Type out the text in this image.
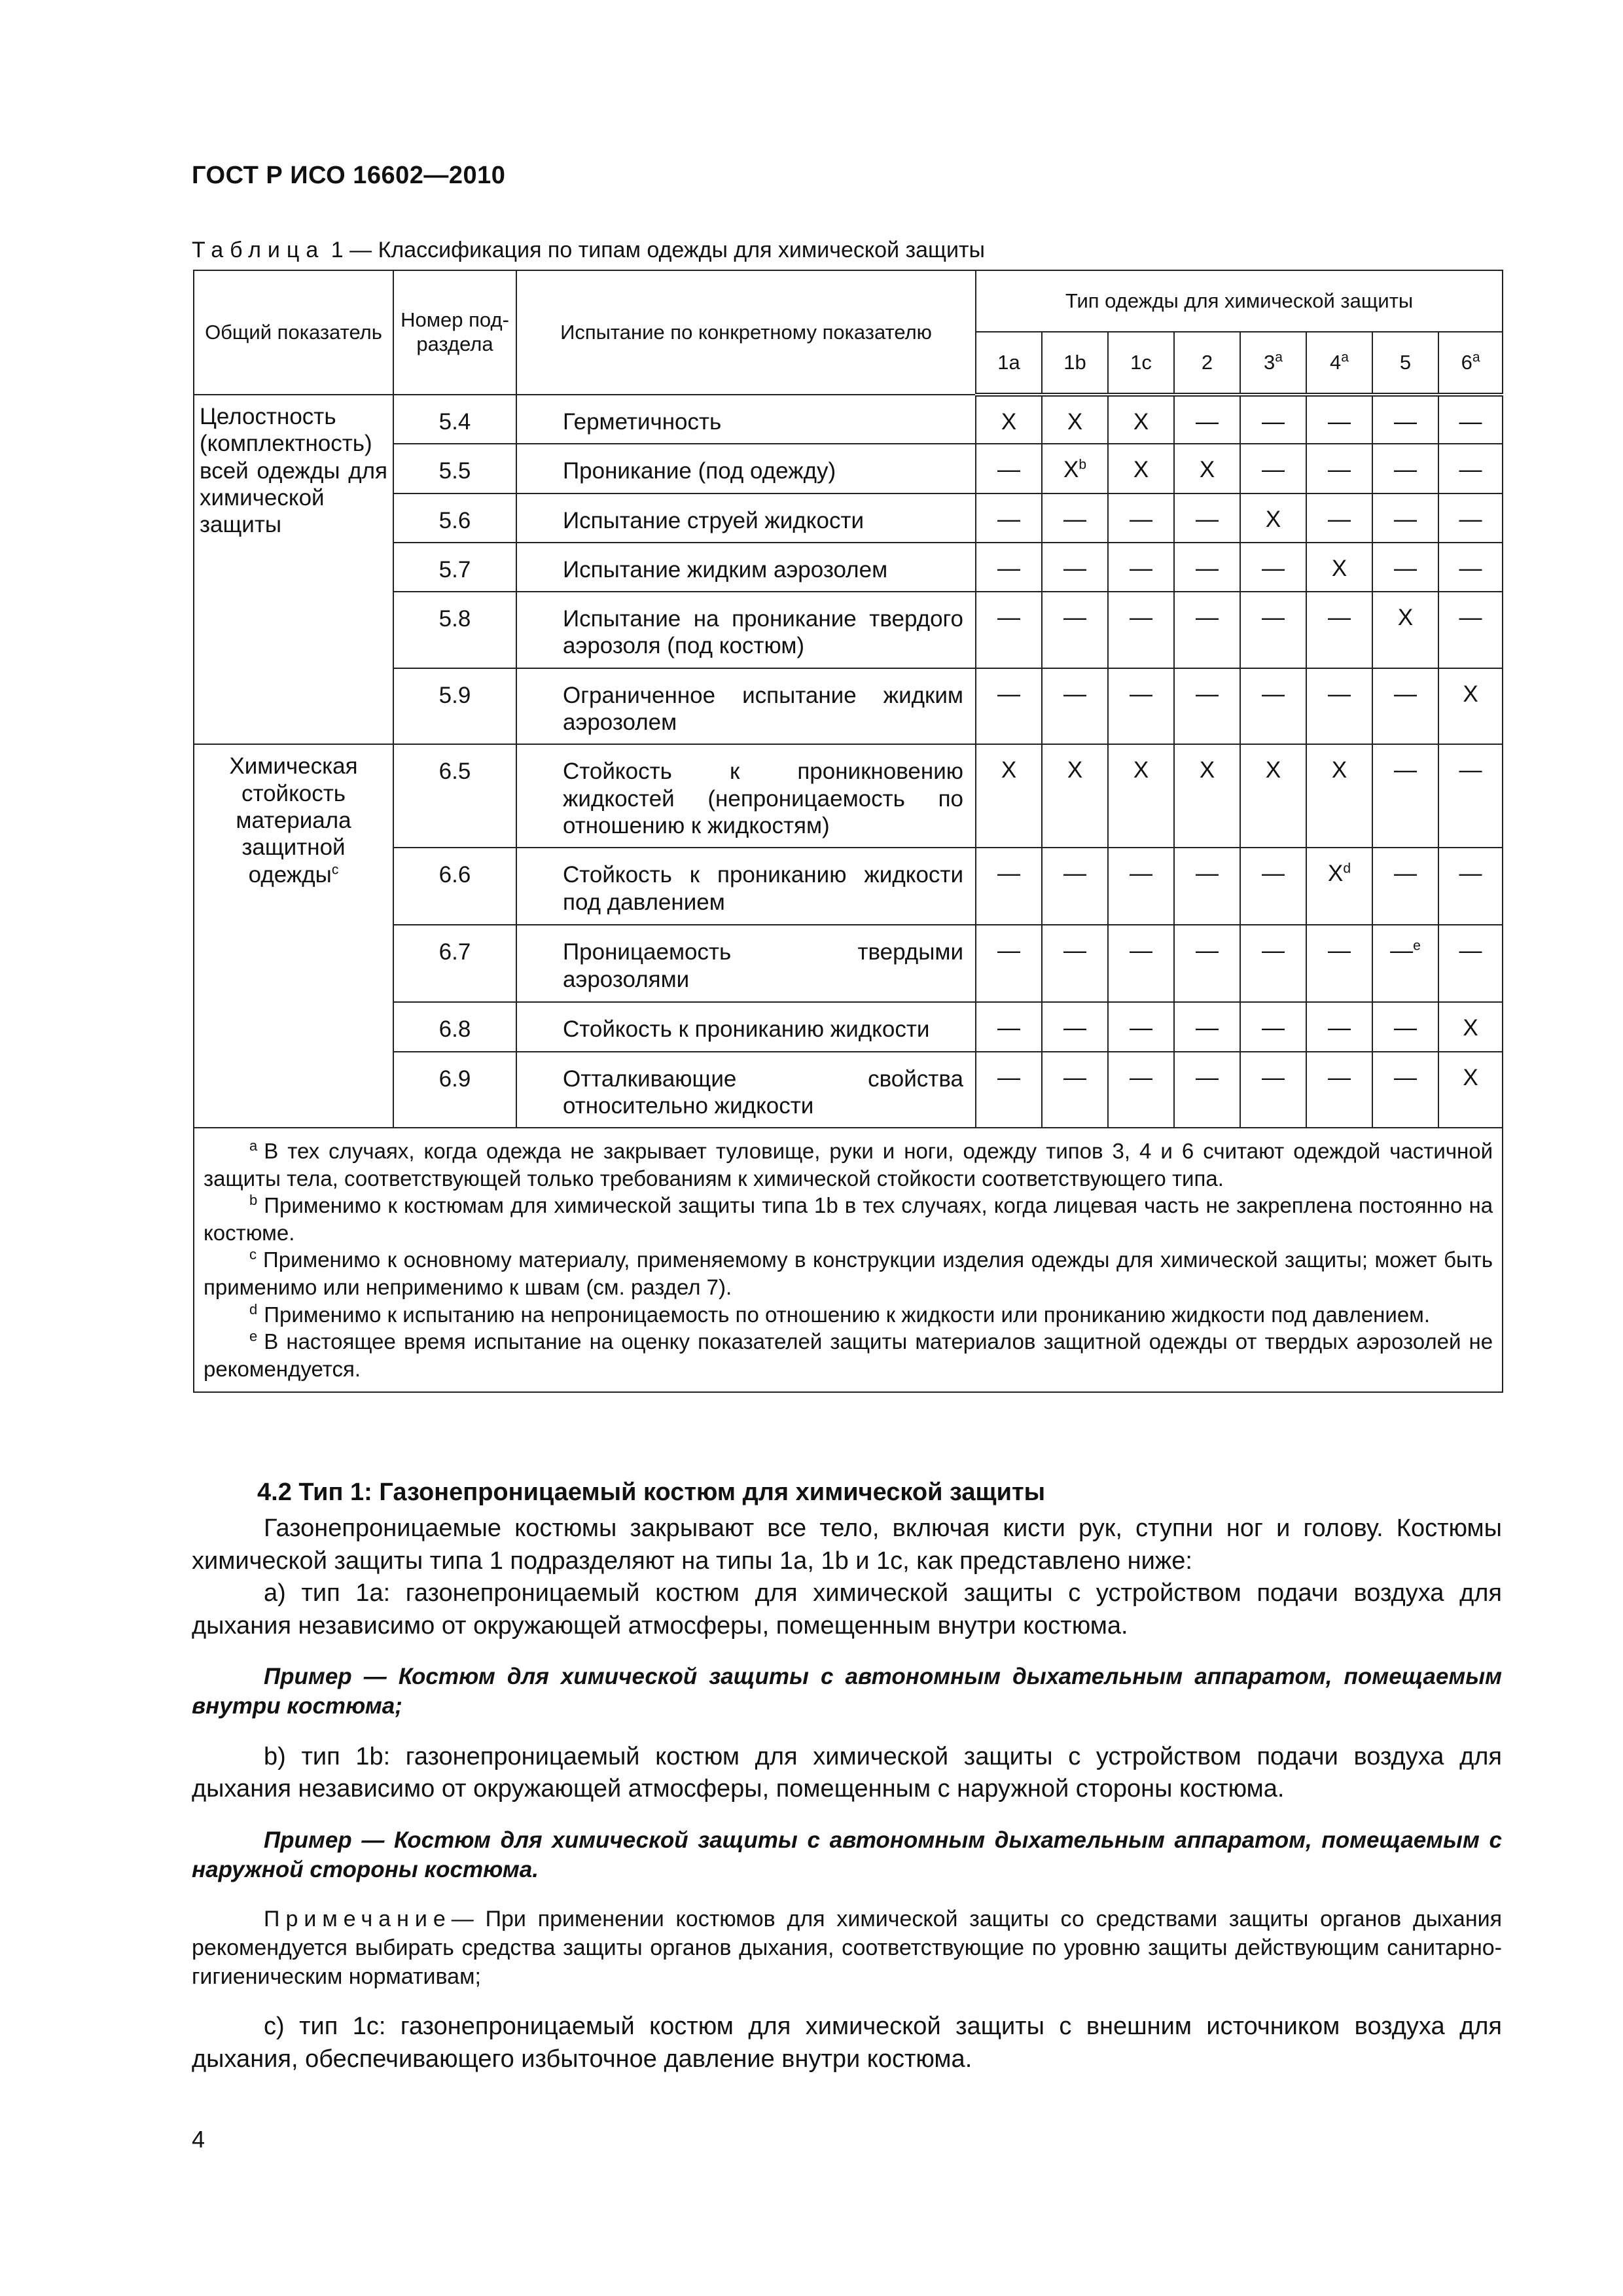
ГОСТ Р ИСО 16602—2010
Таблица 1 — Классификация по типам одежды для химической защиты
Общий показатель	Номер под-раздела	Испытание по конкретному показателю	Тип одежды для химической защиты							
			1a	1b	1c	2	3$^a$	4$^a$	5	6$^a$
Целостность (комплектность) всей одежды для химической защиты	5.4	Герметичность	X	X	X	—	—	—	—	—
	5.5	Проникание (под одежду)	—	$X^b$	X	X	—	—	—	—
	5.6	Испытание струей жидкости	—	—	—	—	X	—	—	—
	5.7	Испытание жидким аэрозолем	—	—	—	—	—	X	—	—
	5.8	Испытание на проникание твердого аэрозоля (под костюм)	—	—	—	—	—	—	X	—
	5.9	Ограниченное испытание жидким аэрозолем	—	—	—	—	—	—	—	X
Химическая стойкость материала защитной одежды$^c$	6.5	Стойкость к проникновению жидкостей (непроницаемость по отношению к жидкостям)	X	X	X	X	X	X	—	—
	6.6	Стойкость к прониканию жидкости под давлением	—	—	—	—	—	$X^d$	—	—
	6.7	Проницаемость твердыми аэрозолями	—	—	—	—	—	—	—$^e$	—
	6.8	Стойкость к прониканию жидкости	—	—	—	—	—	—	—	X
	6.9	Отталкивающие свойства относительно жидкости	—	—	—	—	—	—	—	X

$^a$ В тех случаях, когда одежда не закрывает туловище, руки и ноги, одежду типов 3, 4 и 6 считают одеждой частичной защиты тела, соответствующей только требованиям к химической стойкости соответствующего типа.

$^b$ Применимо к костюмам для химической защиты типа 1b в тех случаях, когда лицевая часть не закреплена постоянно на костюме.

$^c$ Применимо к основному материалу, применяемому в конструкции изделия одежды для химической защиты; может быть применимо или неприменимо к швам (см. раздел 7).

$^d$ Применимо к испытанию на непроницаемость по отношению к жидкости или прониканию жидкости под давлением.

$^e$ В настоящее время испытание на оценку показателей защиты материалов защитной одежды от твердых аэрозолей не рекомендуется.										

4.2 Тип 1: Газонепроницаемый костюм для химической защиты

Газонепроницаемые костюмы закрывают все тело, включая кисти рук, ступни ног и голову. Костюмы химической защиты типа 1 подразделяют на типы 1a, 1b и 1c, как представлено ниже:

a) тип 1a: газонепроницаемый костюм для химической защиты с устройством подачи воздуха для дыхания независимо от окружающей атмосферы, помещенным внутри костюма.

Пример — Костюм для химической защиты с автономным дыхательным аппаратом, помещаемым внутри костюма;

b) тип 1b: газонепроницаемый костюм для химической защиты с устройством подачи воздуха для дыхания независимо от окружающей атмосферы, помещенным с наружной стороны костюма.

Пример — Костюм для химической защиты с автономным дыхательным аппаратом, помещаемым с наружной стороны костюма.

Примечание— При применении костюмов для химической защиты со средствами защиты органов дыхания рекомендуется выбирать средства защиты органов дыхания, соответствующие по уровню защиты действующим санитарно-гигиеническим нормативам;

c) тип 1c: газонепроницаемый костюм для химической защиты с внешним источником воздуха для дыхания, обеспечивающего избыточное давление внутри костюма.

4
